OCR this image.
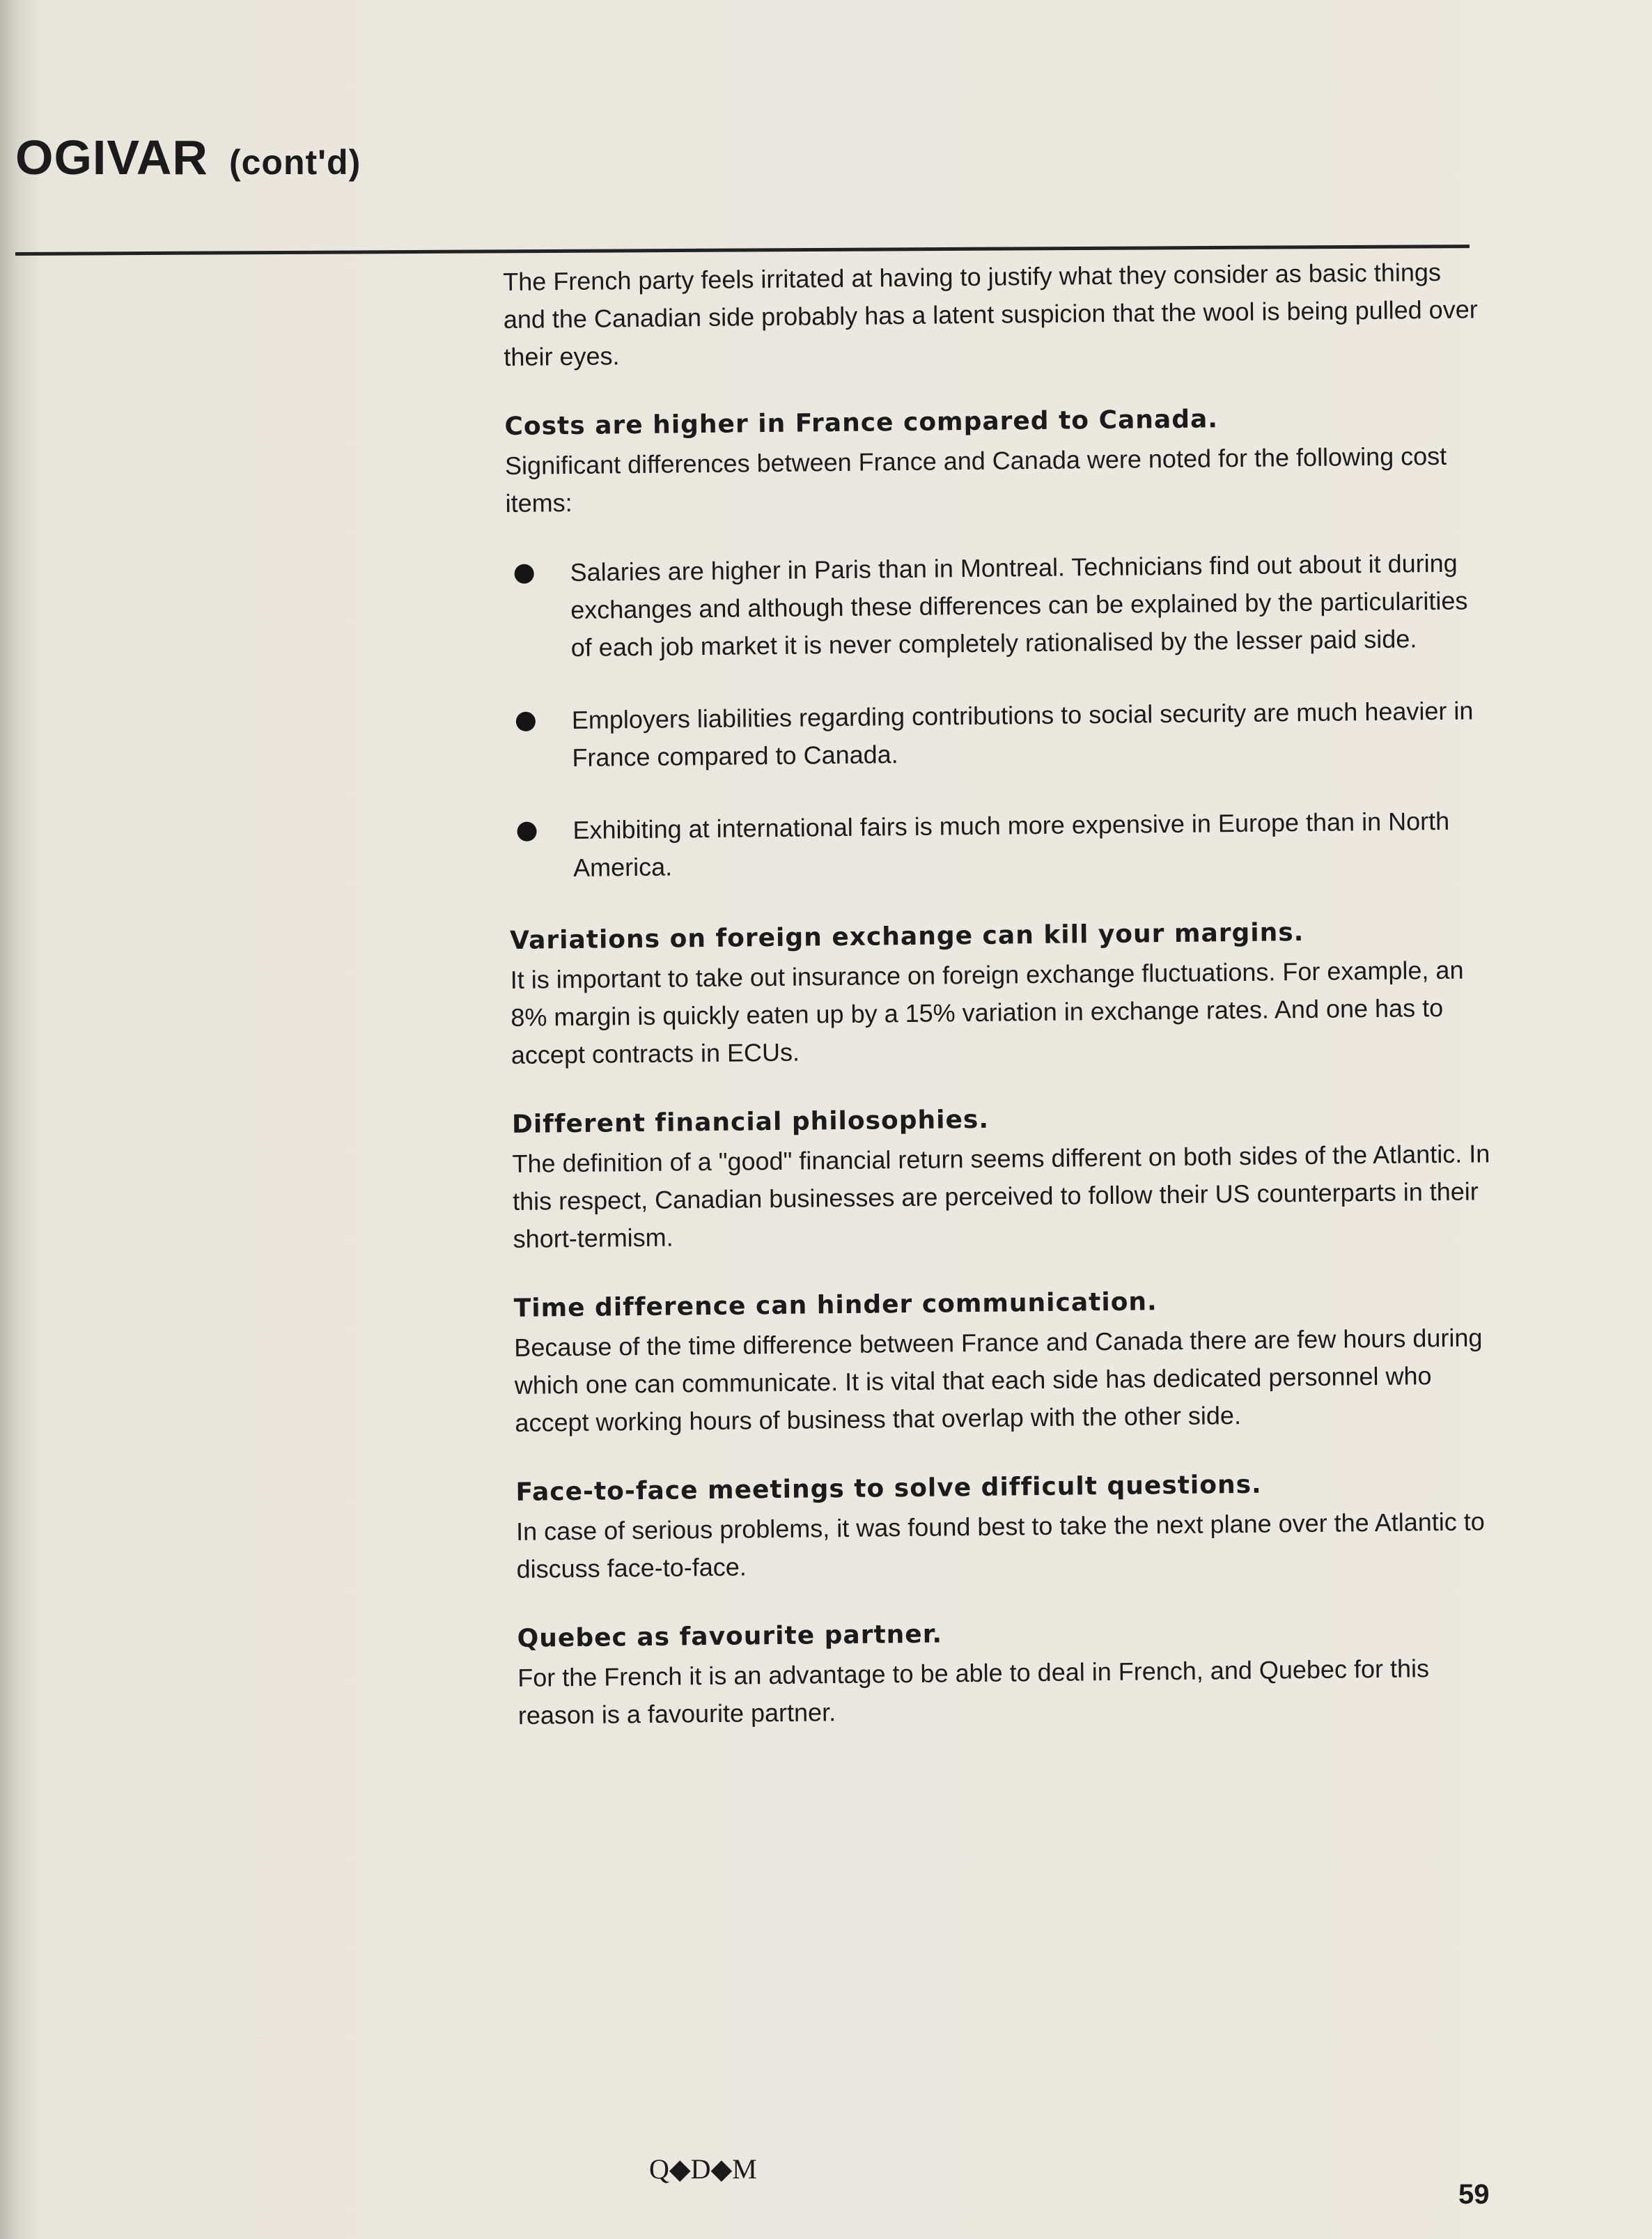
OGIVAR (cont'd)

The French party feels irritated at having to justify what they consider as basic things and the Canadian side probably has a latent suspicion that the wool is being pulled over their eyes.

Costs are higher in France compared to Canada.
Significant differences between France and Canada were noted for the following cost items:
Salaries are higher in Paris than in Montreal. Technicians find out about it during exchanges and although these differences can be explained by the particularities of each job market it is never completely rationalised by the lesser paid side.
Employers liabilities regarding contributions to social security are much heavier in France compared to Canada.
Exhibiting at international fairs is much more expensive in Europe than in North America.
Variations on foreign exchange can kill your margins.
It is important to take out insurance on foreign exchange fluctuations. For example, an 8% margin is quickly eaten up by a 15% variation in exchange rates. And one has to accept contracts in ECUs.
Different financial philosophies.
The definition of a "good" financial return seems different on both sides of the Atlantic. In this respect, Canadian businesses are perceived to follow their US counterparts in their short-termism.
Time difference can hinder communication.
Because of the time difference between France and Canada there are few hours during which one can communicate. It is vital that each side has dedicated personnel who accept working hours of business that overlap with the other side.
Face-to-face meetings to solve difficult questions.
In case of serious problems, it was found best to take the next plane over the Atlantic to discuss face-to-face.
Quebec as favourite partner.
For the French it is an advantage to be able to deal in French, and Quebec for this reason is a favourite partner.
Q◆D◆M
59
